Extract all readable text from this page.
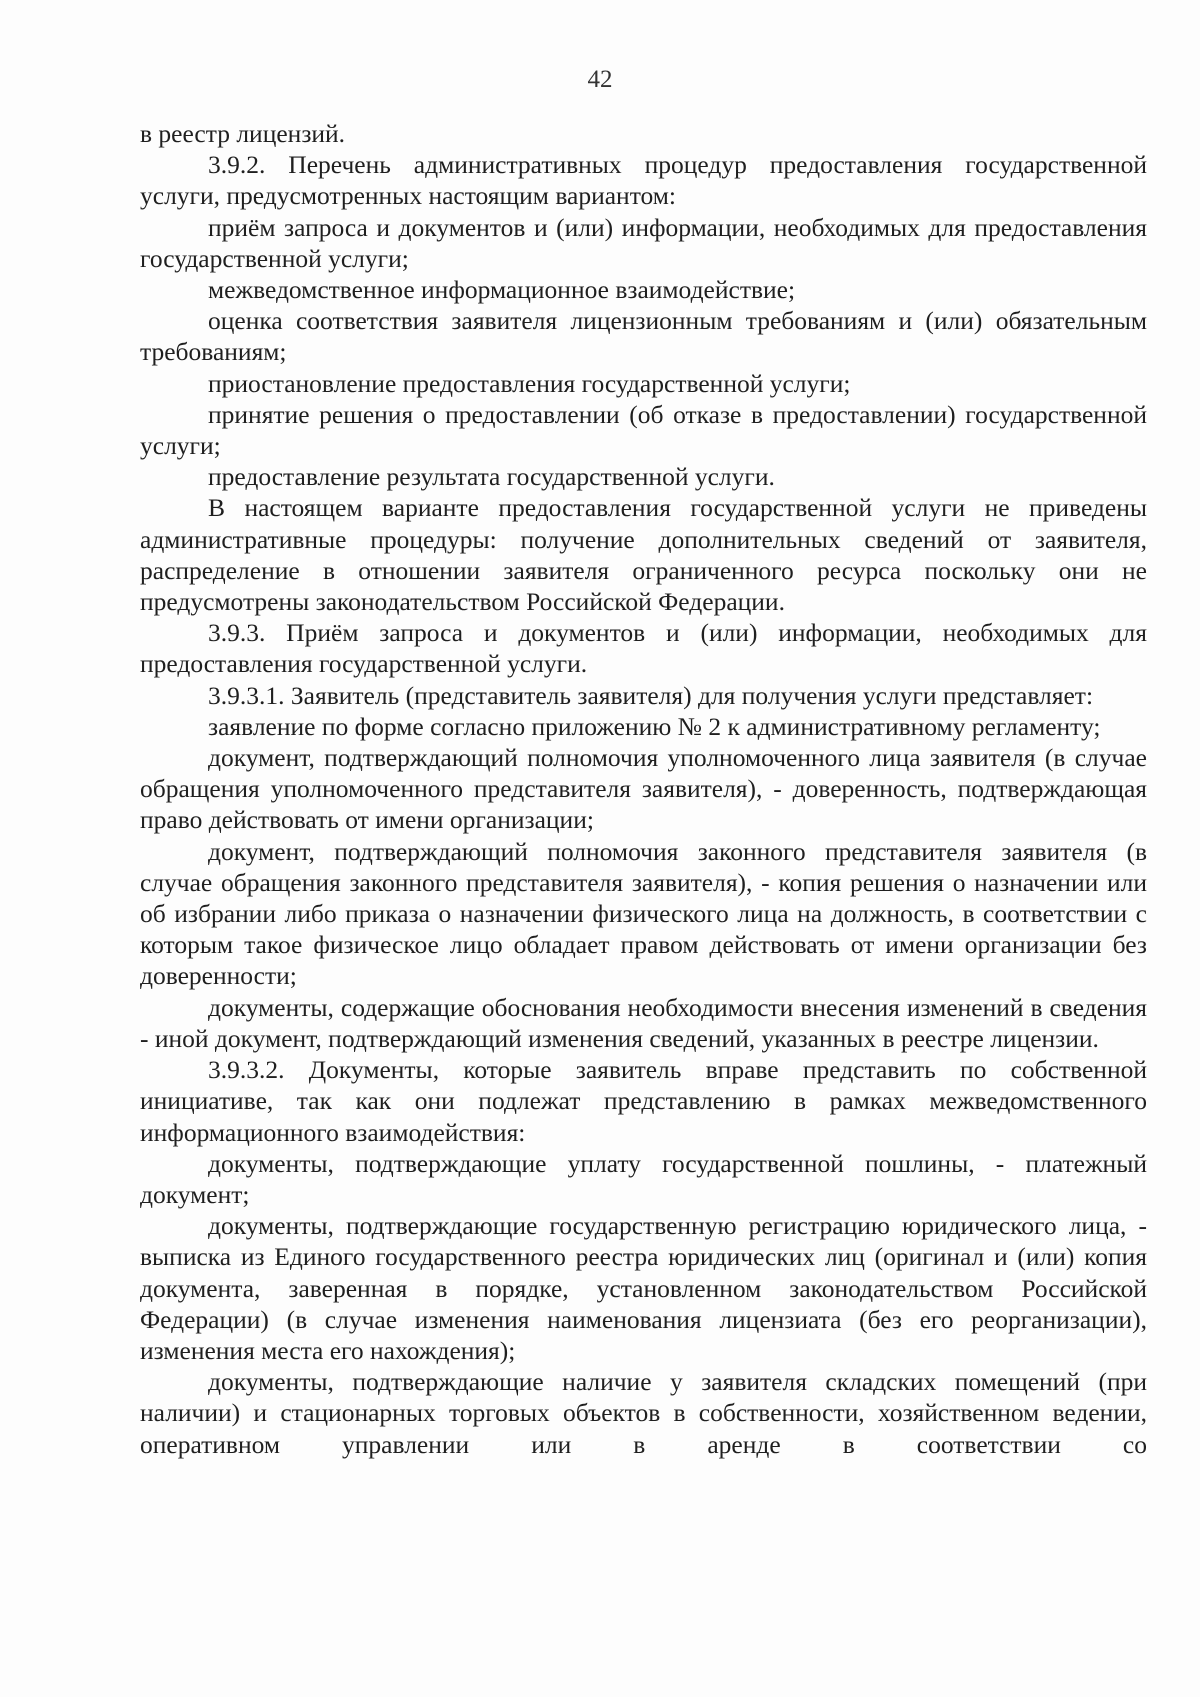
42

в реестр лицензий.

3.9.2. Перечень административных процедур предоставления государственной услуги, предусмотренных настоящим вариантом:

приём запроса и документов и (или) информации, необходимых для предоставления государственной услуги;

межведомственное информационное взаимодействие;

оценка соответствия заявителя лицензионным требованиям и (или) обязательным требованиям;

приостановление предоставления государственной услуги;

принятие решения о предоставлении (об отказе в предоставлении) государственной услуги;

предоставление результата государственной услуги.

В настоящем варианте предоставления государственной услуги не приведены административные процедуры: получение дополнительных сведений от заявителя, распределение в отношении заявителя ограниченного ресурса поскольку они не предусмотрены законодательством Российской Федерации.

3.9.3. Приём запроса и документов и (или) информации, необходимых для предоставления государственной услуги.

3.9.3.1. Заявитель (представитель заявителя) для получения услуги представляет:

заявление по форме согласно приложению № 2 к административному регламенту;

документ, подтверждающий полномочия уполномоченного лица заявителя (в случае обращения уполномоченного представителя заявителя), - доверенность, подтверждающая право действовать от имени организации;

документ, подтверждающий полномочия законного представителя заявителя (в случае обращения законного представителя заявителя), - копия решения о назначении или об избрании либо приказа о назначении физического лица на должность, в соответствии с которым такое физическое лицо обладает правом действовать от имени организации без доверенности;

документы, содержащие обоснования необходимости внесения изменений в сведения - иной документ, подтверждающий изменения сведений, указанных в реестре лицензии.

3.9.3.2. Документы, которые заявитель вправе представить по собственной инициативе, так как они подлежат представлению в рамках межведомственного информационного взаимодействия:

документы, подтверждающие уплату государственной пошлины, - платежный документ;

документы, подтверждающие государственную регистрацию юридического лица, - выписка из Единого государственного реестра юридических лиц (оригинал и (или) копия документа, заверенная в порядке, установленном законодательством Российской Федерации) (в случае изменения наименования лицензиата (без его реорганизации), изменения места его нахождения);

документы, подтверждающие наличие у заявителя складских помещений (при наличии) и стационарных торговых объектов в собственности, хозяйственном ведении, оперативном управлении или в аренде в соответствии со
